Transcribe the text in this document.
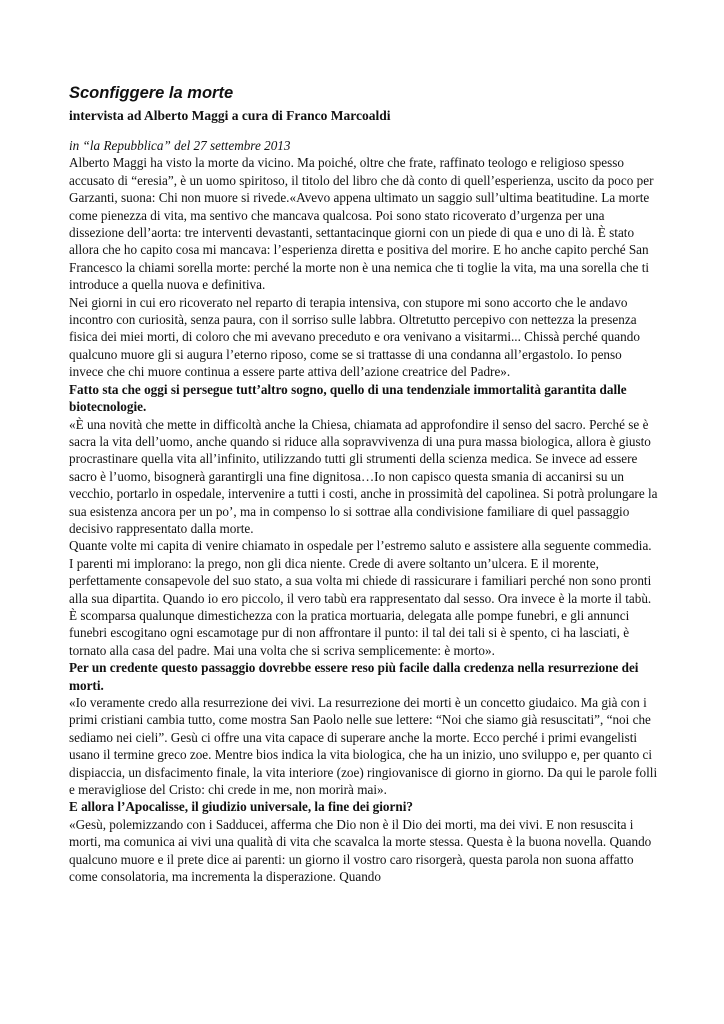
Sconfiggere la morte
intervista ad Alberto Maggi a cura di Franco Marcoaldi
in “la Repubblica” del 27 settembre 2013

Alberto Maggi ha visto la morte da vicino. Ma poiché, oltre che frate, raffinato teologo e religioso spesso accusato di “eresia”, è un uomo spiritoso, il titolo del libro che dà conto di quell’esperienza, uscito da poco per Garzanti, suona: Chi non muore si rivede.«Avevo appena ultimato un saggio sull’ultima beatitudine. La morte come pienezza di vita, ma sentivo che mancava qualcosa. Poi sono stato ricoverato d’urgenza per una dissezione dell’aorta: tre interventi devastanti, settantacinque giorni con un piede di qua e uno di là. È stato allora che ho capito cosa mi mancava: l’esperienza diretta e positiva del morire. E ho anche capito perché San Francesco la chiami sorella morte: perché la morte non è una nemica che ti toglie la vita, ma una sorella che ti introduce a quella nuova e definitiva.

Nei giorni in cui ero ricoverato nel reparto di terapia intensiva, con stupore mi sono accorto che le andavo incontro con curiosità, senza paura, con il sorriso sulle labbra. Oltretutto percepivo con nettezza la presenza fisica dei miei morti, di coloro che mi avevano preceduto e ora venivano a visitarmi... Chissà perché quando qualcuno muore gli si augura l’eterno riposo, come se si trattasse di una condanna all’ergastolo. Io penso invece che chi muore continua a essere parte attiva dell’azione creatrice del Padre».

Fatto sta che oggi si persegue tutt’altro sogno, quello di una tendenziale immortalità garantita dalle biotecnologie.

«È una novità che mette in difficoltà anche la Chiesa, chiamata ad approfondire il senso del sacro. Perché se è sacra la vita dell’uomo, anche quando si riduce alla sopravvivenza di una pura massa biologica, allora è giusto procrastinare quella vita all’infinito, utilizzando tutti gli strumenti della scienza medica. Se invece ad essere sacro è l’uomo, bisognerà garantirgli una fine dignitosa…Io non capisco questa smania di accanirsi su un vecchio, portarlo in ospedale, intervenire a tutti i costi, anche in prossimità del capolinea. Si potrà prolungare la sua esistenza ancora per un po’, ma in compenso lo si sottrae alla condivisione familiare di quel passaggio decisivo rappresentato dalla morte.

Quante volte mi capita di venire chiamato in ospedale per l’estremo saluto e assistere alla seguente commedia. I parenti mi implorano: la prego, non gli dica niente. Crede di avere soltanto un’ulcera. E il morente, perfettamente consapevole del suo stato, a sua volta mi chiede di rassicurare i familiari perché non sono pronti alla sua dipartita. Quando io ero piccolo, il vero tabù era rappresentato dal sesso. Ora invece è la morte il tabù. È scomparsa qualunque dimestichezza con la pratica mortuaria, delegata alle pompe funebri, e gli annunci funebri escogitano ogni escamotage pur di non affrontare il punto: il tal dei tali si è spento, ci ha lasciati, è tornato alla casa del padre. Mai una volta che si scriva semplicemente: è morto».

Per un credente questo passaggio dovrebbe essere reso più facile dalla credenza nella resurrezione dei morti.

«Io veramente credo alla resurrezione dei vivi. La resurrezione dei morti è un concetto giudaico. Ma già con i primi cristiani cambia tutto, come mostra San Paolo nelle sue lettere: “Noi che siamo già resuscitati”, “noi che sediamo nei cieli”. Gesù ci offre una vita capace di superare anche la morte. Ecco perché i primi evangelisti usano il termine greco zoe. Mentre bios indica la vita biologica, che ha un inizio, uno sviluppo e, per quanto ci dispiaccia, un disfacimento finale, la vita interiore (zoe) ringiovanisce di giorno in giorno. Da qui le parole folli e meravigliose del Cristo: chi crede in me, non morirà mai».

E allora l’Apocalisse, il giudizio universale, la fine dei giorni?

«Gesù, polemizzando con i Sadducei, afferma che Dio non è il Dio dei morti, ma dei vivi. E non resuscita i morti, ma comunica ai vivi una qualità di vita che scavalca la morte stessa. Questa è la buona novella. Quando qualcuno muore e il prete dice ai parenti: un giorno il vostro caro risorgerà, questa parola non suona affatto come consolatoria, ma incrementa la disperazione. Quando
